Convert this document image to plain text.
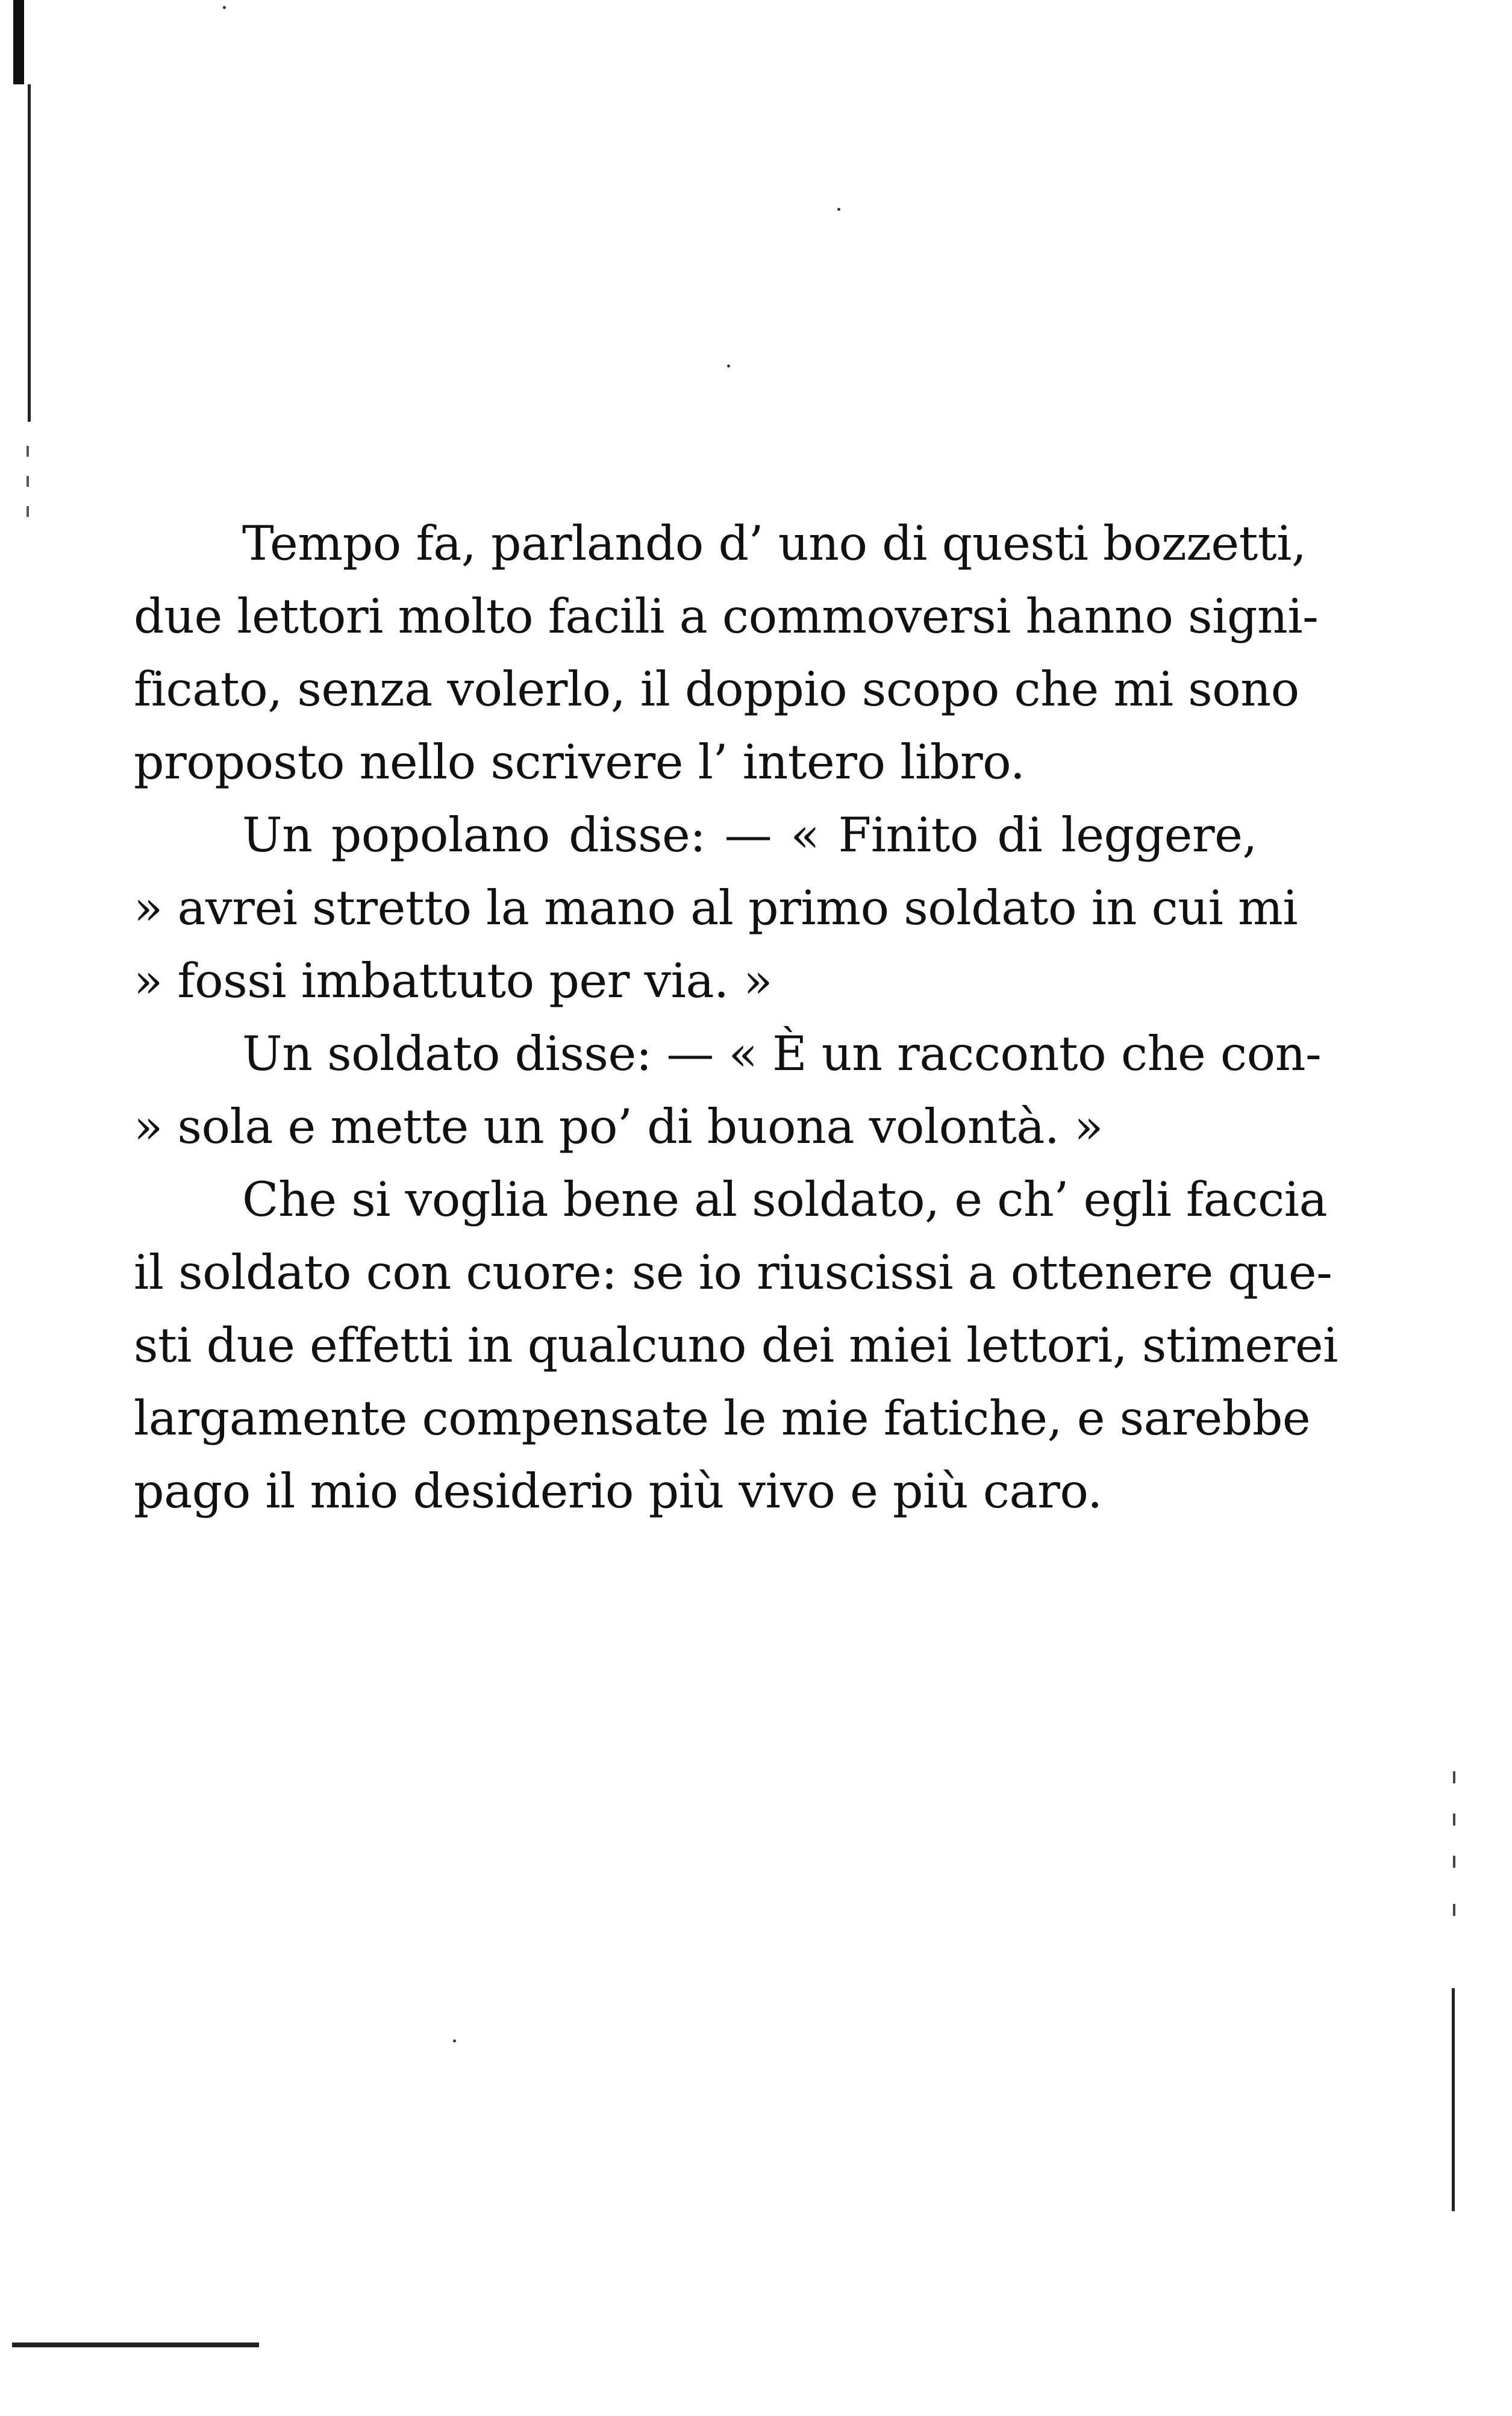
Tempo fa, parlando d’ uno di questi bozzetti,
due lettori molto facili a commoversi hanno signi-
ficato, senza volerlo, il doppio scopo che mi sono
proposto nello scrivere l’ intero libro.
Un popolano disse: — « Finito di leggere,
» avrei stretto la mano al primo soldato in cui mi
» fossi imbattuto per via. »
Un soldato disse: — « È un racconto che con-
» sola e mette un po’ di buona volontà. »
Che si voglia bene al soldato, e ch’ egli faccia
il soldato con cuore: se io riuscissi a ottenere que-
sti due effetti in qualcuno dei miei lettori, stimerei
largamente compensate le mie fatiche, e sarebbe
pago il mio desiderio più vivo e più caro.
